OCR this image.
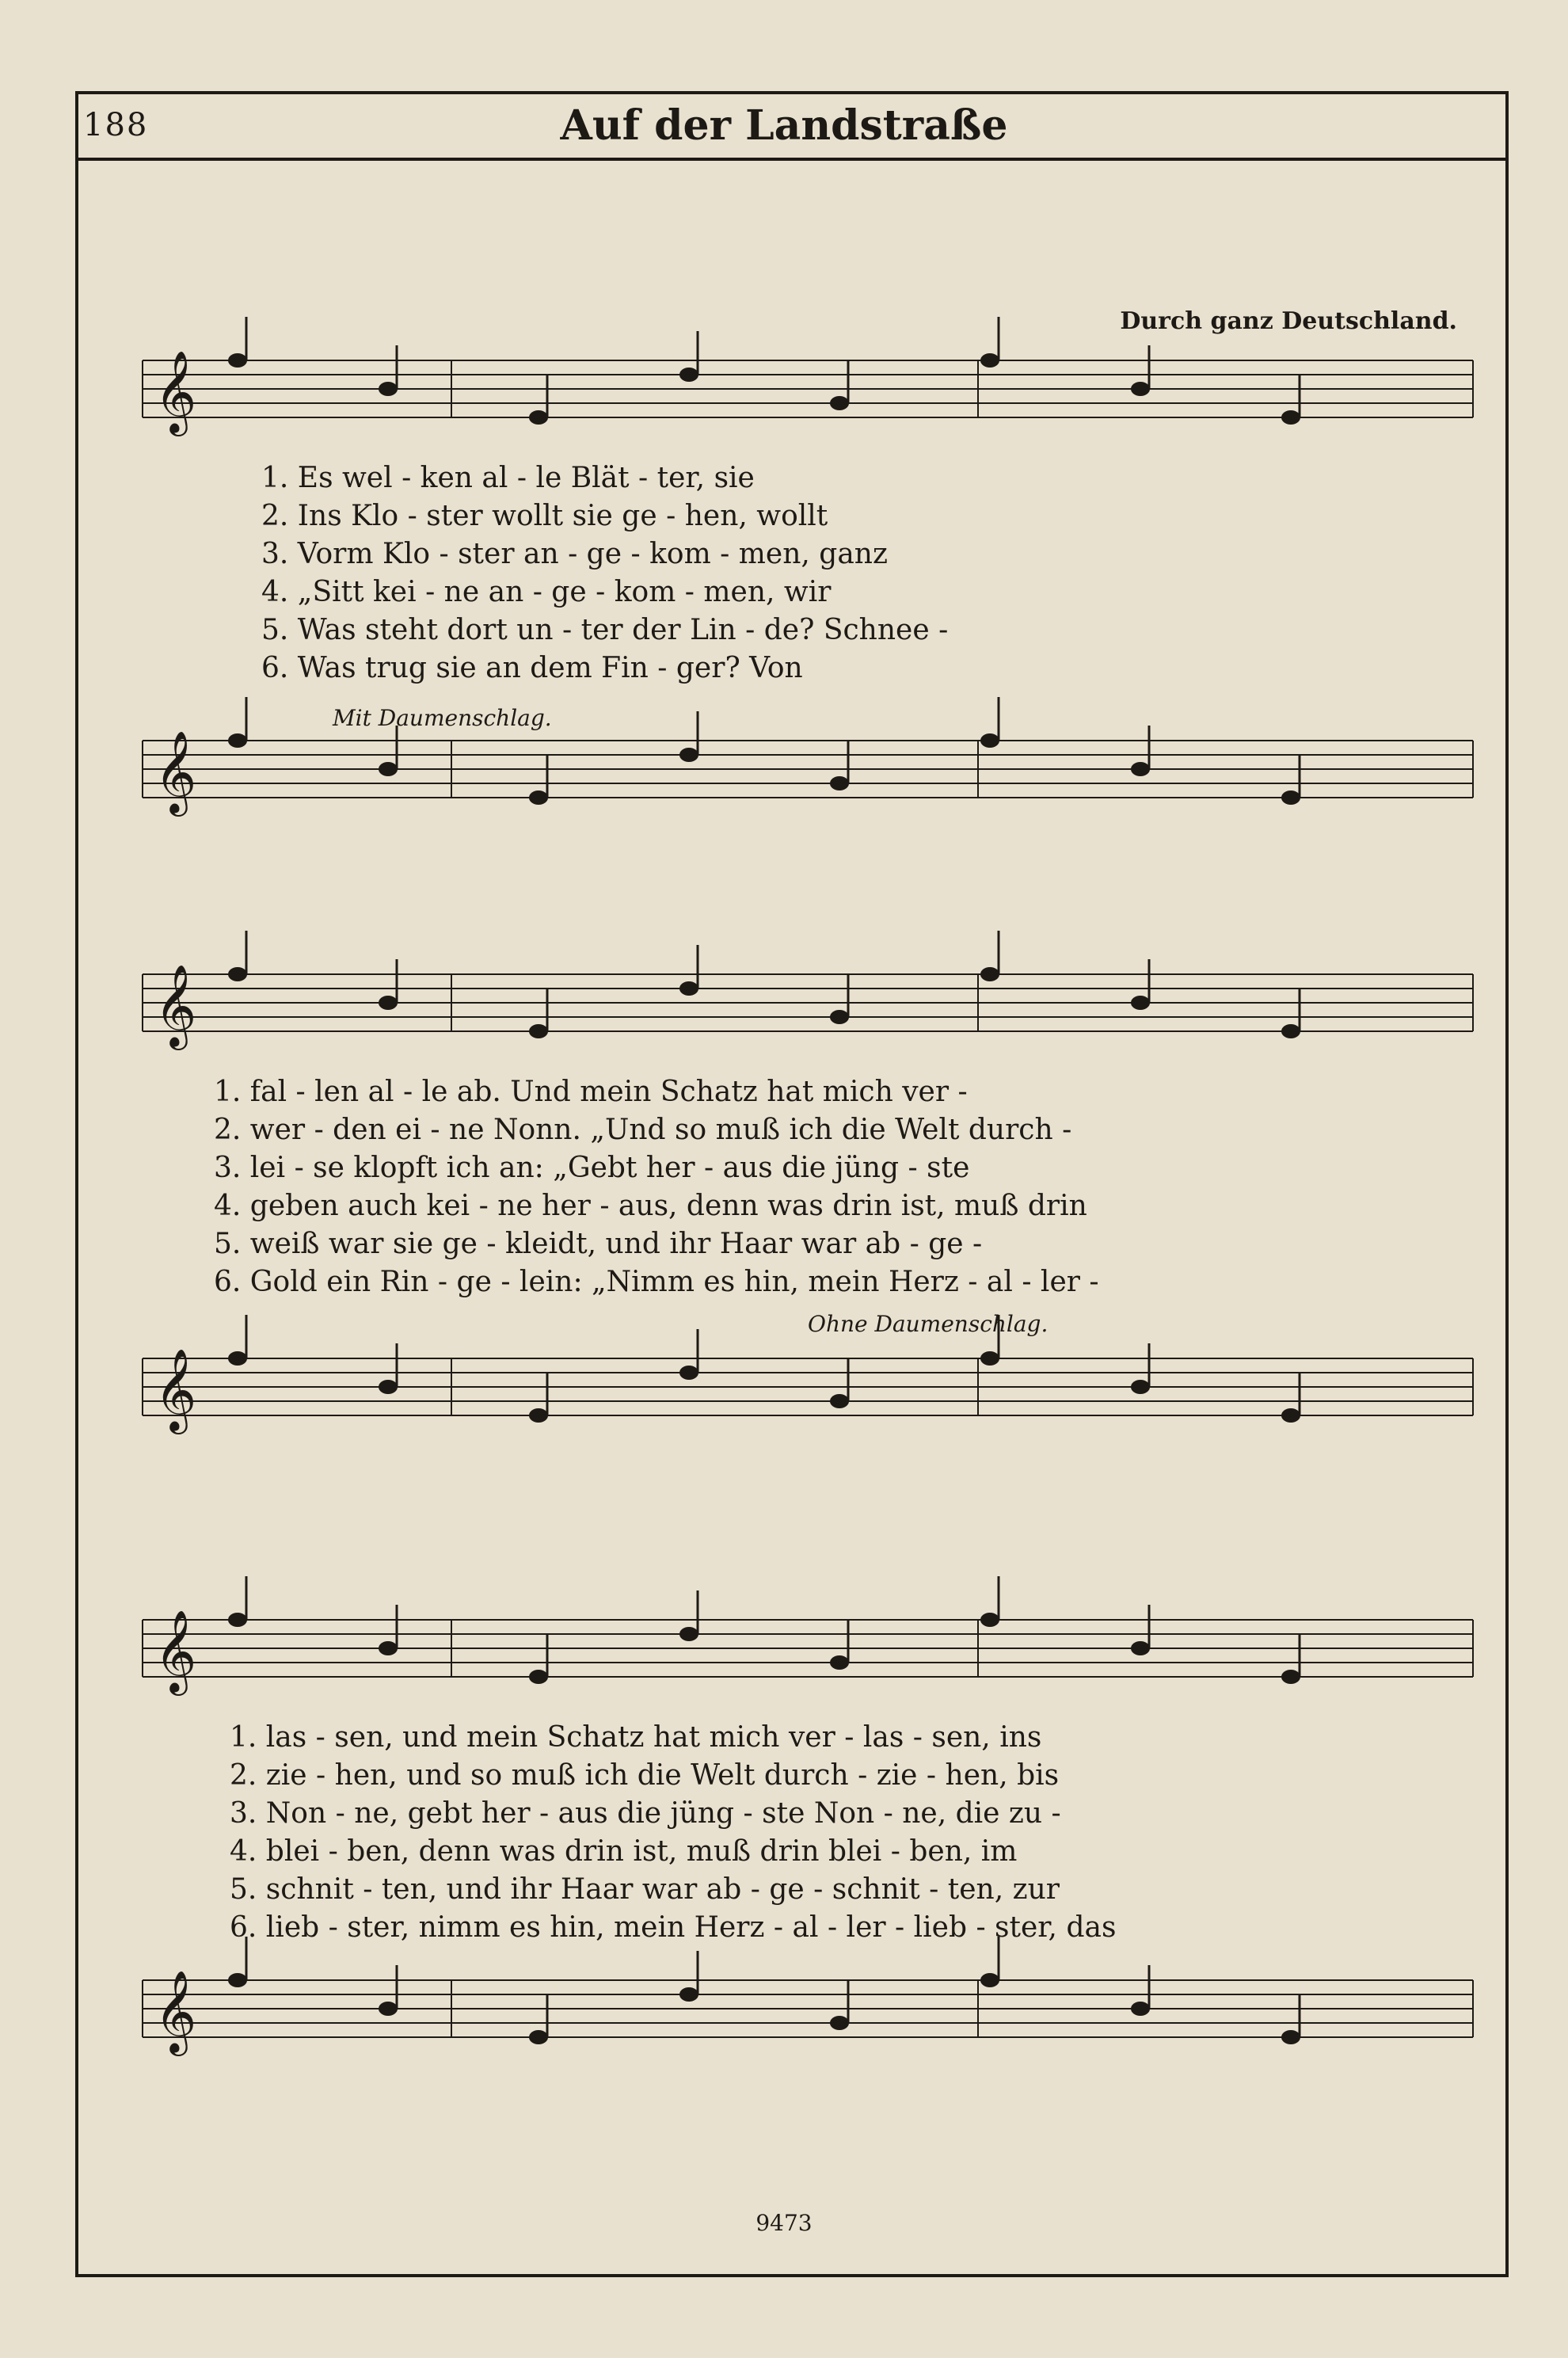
188	Auf der Landstraße
Durch ganz Deutschland.
𝄞
𝄞
𝄞
𝄞
𝄞
𝄞
Mit Daumenschlag.
Ohne Daumenschlag.
1. Es wel - ken al - le Blät - ter, sie
2. Ins Klo - ster wollt sie ge - hen, wollt
3. Vorm Klo - ster an - ge - kom - men, ganz
4. „Sitt kei - ne an - ge - kom - men, wir
5. Was steht dort un - ter der Lin - de? Schnee -
6. Was trug sie an dem Fin - ger? Von
1. fal - len al - le ab. Und mein Schatz hat mich ver -
2. wer - den ei - ne Nonn. „Und so muß ich die Welt durch -
3. lei - se klopft ich an: „Gebt her - aus die jüng - ste
4. geben auch kei - ne her - aus, denn was drin ist, muß drin
5. weiß war sie ge - kleidt, und ihr Haar war ab - ge -
6. Gold ein Rin - ge - lein: „Nimm es hin, mein Herz - al - ler -
1. las - sen, und mein Schatz hat mich ver - las - sen, ins
2. zie - hen, und so muß ich die Welt durch - zie - hen, bis
3. Non - ne, gebt her - aus die jüng - ste Non - ne, die zu -
4. blei - ben, denn was drin ist, muß drin blei - ben, im
5. schnit - ten, und ihr Haar war ab - ge - schnit - ten, zur
6. lieb - ster, nimm es hin, mein Herz - al - ler - lieb - ster, das
9473
